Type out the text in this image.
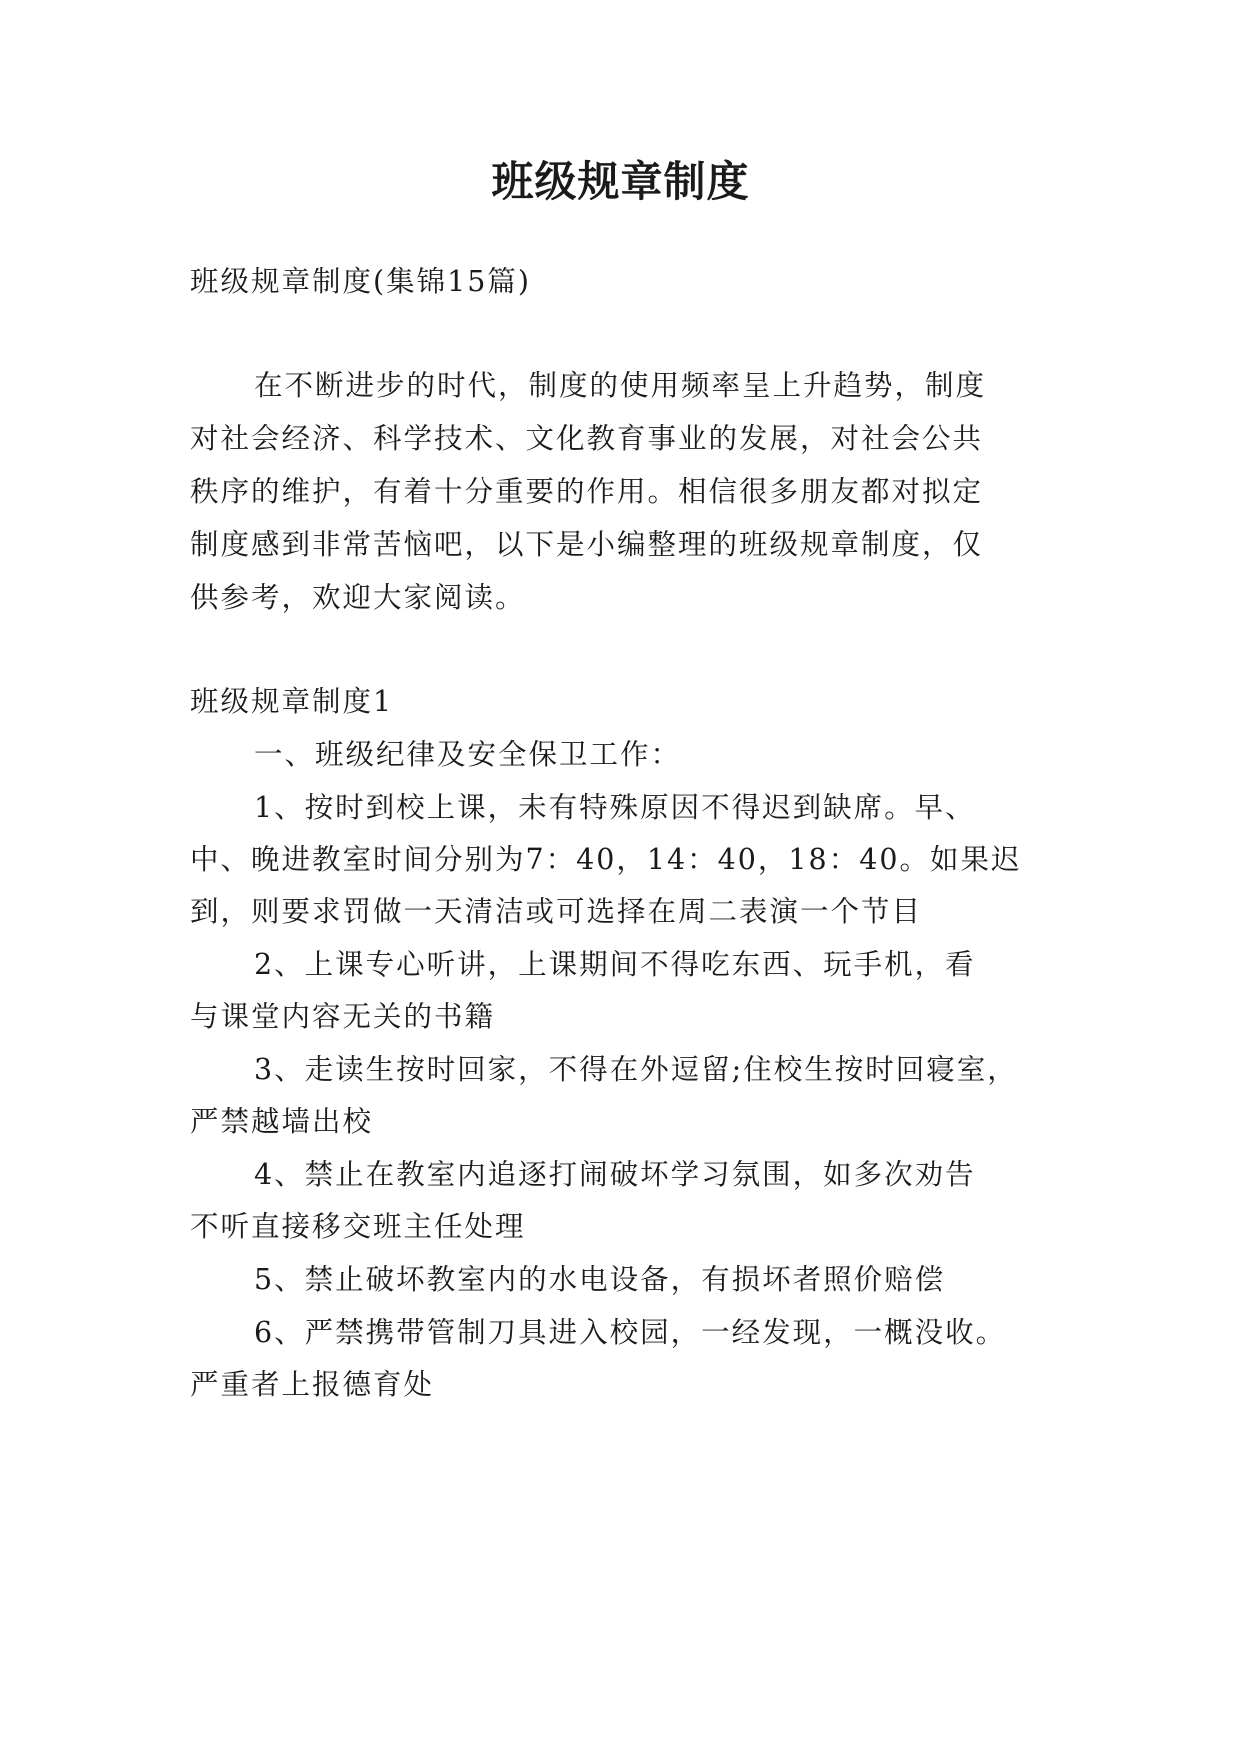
班级规章制度
班级规章制度(集锦15篇)
在不断进步的时代，制度的使用频率呈上升趋势，制度
对社会经济、科学技术、文化教育事业的发展，对社会公共
秩序的维护，有着十分重要的作用。相信很多朋友都对拟定
制度感到非常苦恼吧，以下是小编整理的班级规章制度，仅
供参考，欢迎大家阅读。
班级规章制度1
一、班级纪律及安全保卫工作：
1、按时到校上课，未有特殊原因不得迟到缺席。早、
中、晚进教室时间分别为7：40，14：40，18：40。如果迟
到，则要求罚做一天清洁或可选择在周二表演一个节目
2、上课专心听讲，上课期间不得吃东西、玩手机，看
与课堂内容无关的书籍
3、走读生按时回家，不得在外逗留;住校生按时回寝室，
严禁越墙出校
4、禁止在教室内追逐打闹破坏学习氛围，如多次劝告
不听直接移交班主任处理
5、禁止破坏教室内的水电设备，有损坏者照价赔偿
6、严禁携带管制刀具进入校园，一经发现，一概没收。
严重者上报德育处
